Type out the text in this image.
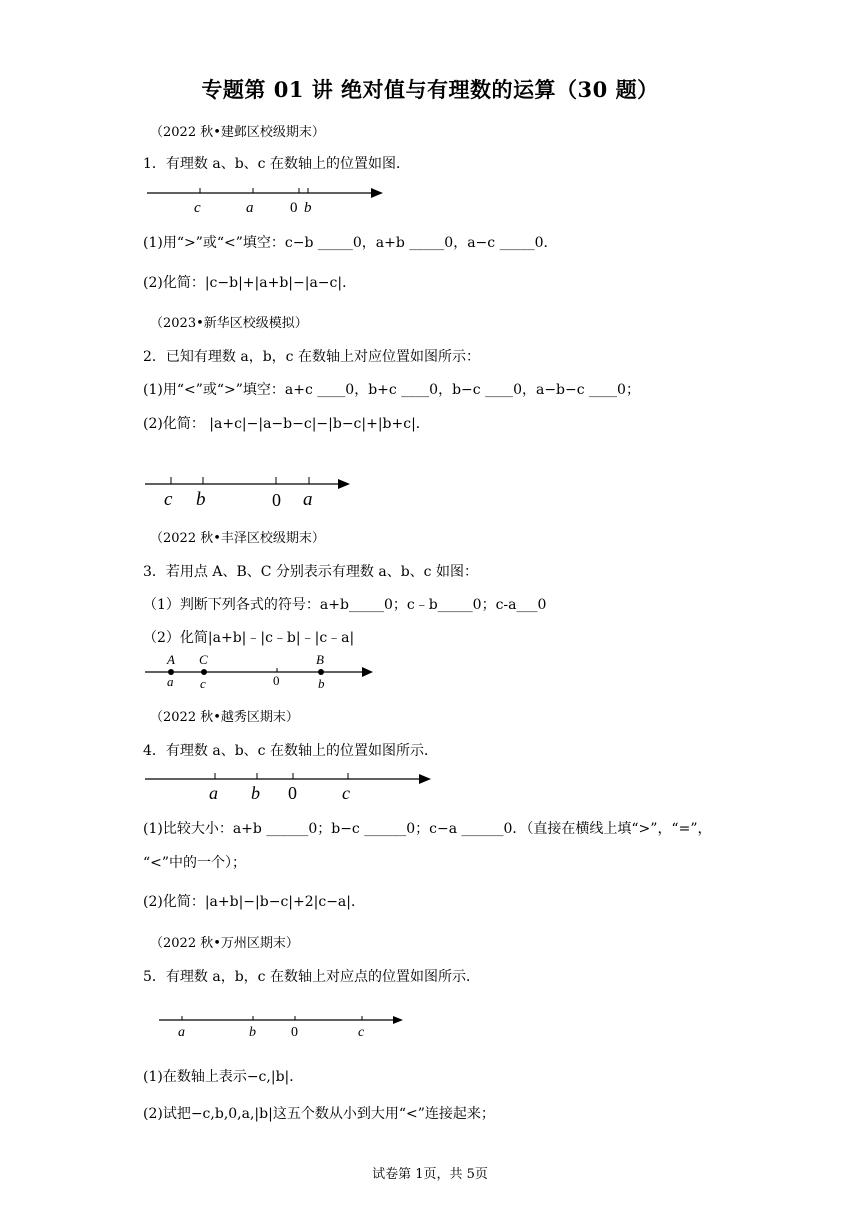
专题第 01 讲 绝对值与有理数的运算（30 题）
（2022 秋•建邺区校级期末）
1．有理数 a、b、c 在数轴上的位置如图．
c	a 0 b
(1)用“>”或“<”填空：c−b _____0，a+b _____0，a−c _____0．
(2)化简：|c−b|+|a+b|−|a−c|．
（2023•新华区校级模拟）
2．已知有理数 a，b，c 在数轴上对应位置如图所示：
(1)用“<”或“>”填空：a+c ____0，b+c ____0，b−c ____0，a−b−c ____0；
(2)化简： |a+c|−|a−b−c|−|b−c|+|b+c|．
c b	0 a
（2022 秋•丰泽区校级期末）
3．若用点 A、B、C 分别表示有理数 a、b、c 如图：
（1）判断下列各式的符号：a+b_____0；c﹣b_____0；c-a___0
（2）化简|a+b|﹣|c﹣b|﹣|c﹣a|
A C	B
a c	0	b
（2022 秋•越秀区期末）
4．有理数 a、b、c 在数轴上的位置如图所示．
a b 0	c
(1)比较大小：a+b ______0；b−c ______0；c−a ______0．（直接在横线上填“>”，“=”，
“<”中的一个）；
(2)化简：|a+b|−|b−c|+2|c−a|．
（2022 秋•万州区期末）
5．有理数 a，b，c 在数轴上对应点的位置如图所示．
a	b	0	c
(1)在数轴上表示−c,|b|．
(2)试把−c,b,0,a,|b|这五个数从小到大用“<”连接起来；
试卷第 1页，共 5页
